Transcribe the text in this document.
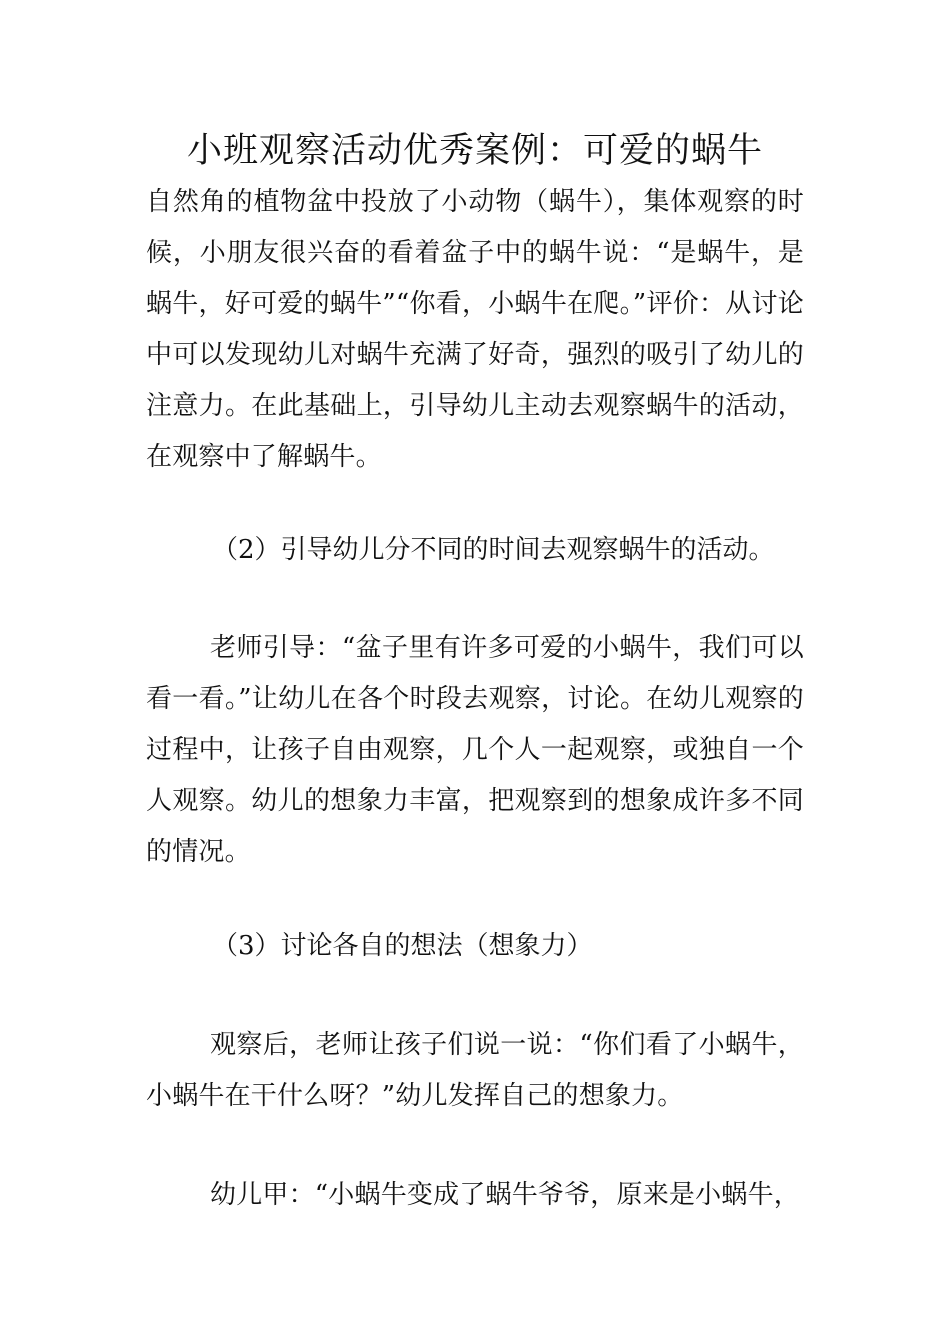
小班观察活动优秀案例：可爱的蜗牛

自然角的植物盆中投放了小动物（蜗牛），集体观察的时候，小朋友很兴奋的看着盆子中的蜗牛说：“是蜗牛，是蜗牛，好可爱的蜗牛”“你看，小蜗牛在爬。”评价：从讨论中可以发现幼儿对蜗牛充满了好奇，强烈的吸引了幼儿的注意力。在此基础上，引导幼儿主动去观察蜗牛的活动，在观察中了解蜗牛。

（2）引导幼儿分不同的时间去观察蜗牛的活动。

老师引导：“盆子里有许多可爱的小蜗牛，我们可以看一看。”让幼儿在各个时段去观察，讨论。在幼儿观察的过程中，让孩子自由观察，几个人一起观察，或独自一个人观察。幼儿的想象力丰富，把观察到的想象成许多不同的情况。

（3）讨论各自的想法（想象力）

观察后，老师让孩子们说一说：“你们看了小蜗牛，小蜗牛在干什么呀？”幼儿发挥自己的想象力。

幼儿甲：“小蜗牛变成了蜗牛爷爷，原来是小蜗牛，
